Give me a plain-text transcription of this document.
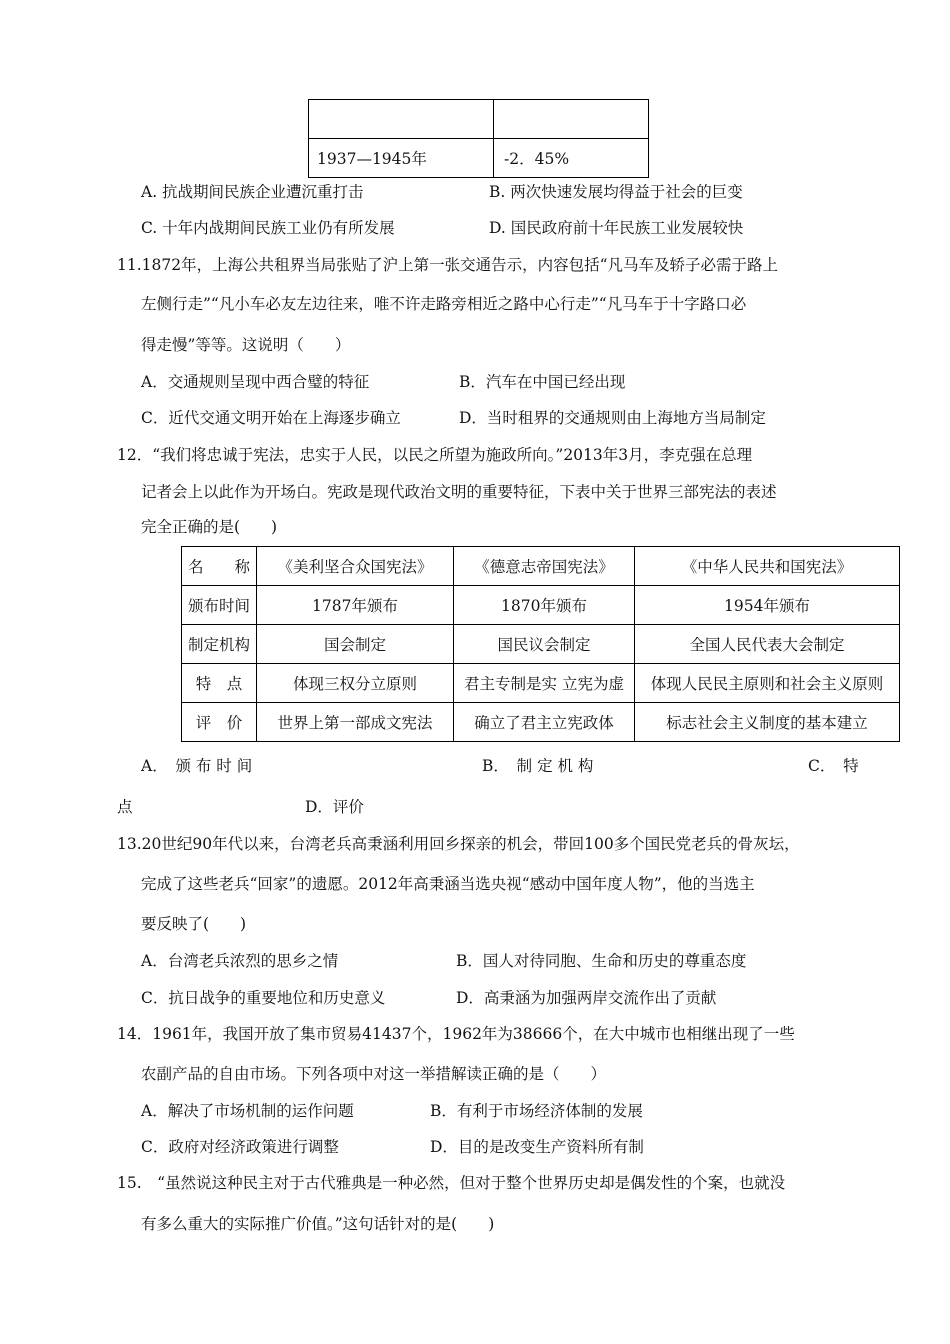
1937—1945年	-2．45%
A. 抗战期间民族企业遭沉重打击	B. 两次快速发展均得益于社会的巨变
C. 十年内战期间民族工业仍有所发展	D. 国民政府前十年民族工业发展较快
11.1872年，上海公共租界当局张贴了沪上第一张交通告示，内容包括“凡马车及轿子必需于路上
左侧行走”“凡小车必友左边往来，唯不许走路旁相近之路中心行走”“凡马车于十字路口必
得走慢”等等。这说明（　　）
A．交通规则呈现中西合璧的特征	B．汽车在中国已经出现
C．近代交通文明开始在上海逐步确立	D．当时租界的交通规则由上海地方当局制定
12．“我们将忠诚于宪法，忠实于人民，以民之所望为施政所向。”2013年3月，李克强在总理
记者会上以此作为开场白。宪政是现代政治文明的重要特征，下表中关于世界三部宪法的表述
完全正确的是(　　)
名　　称	《美利坚合众国宪法》	《德意志帝国宪法》	《中华人民共和国宪法》
颁布时间	1787年颁布	1870年颁布	1954年颁布
制定机构	国会制定	国民议会制定	全国人民代表大会制定
特　点	体现三权分立原则	君主专制是实 立宪为虚	体现人民民主原则和社会主义原则
评　价	世界上第一部成文宪法	确立了君主立宪政体	标志社会主义制度的基本建立
A．　颁 布 时 间	B．　制 定 机 构	C．　特
点	D．评价
13.20世纪90年代以来，台湾老兵高秉涵利用回乡探亲的机会，带回100多个国民党老兵的骨灰坛，
完成了这些老兵“回家”的遗愿。2012年高秉涵当选央视“感动中国年度人物”，他的当选主
要反映了(　　)
A．台湾老兵浓烈的思乡之情	B．国人对待同胞、生命和历史的尊重态度
C．抗日战争的重要地位和历史意义	D．高秉涵为加强两岸交流作出了贡献
14．1961年，我国开放了集市贸易41437个，1962年为38666个，在大中城市也相继出现了一些
农副产品的自由市场。下列各项中对这一举措解读正确的是（　　）
A．解决了市场机制的运作问题	B．有利于市场经济体制的发展
C．政府对经济政策进行调整	D．目的是改变生产资料所有制
15.　“虽然说这种民主对于古代雅典是一种必然，但对于整个世界历史却是偶发性的个案，也就没
有多么重大的实际推广价值。”这句话针对的是(　　)
